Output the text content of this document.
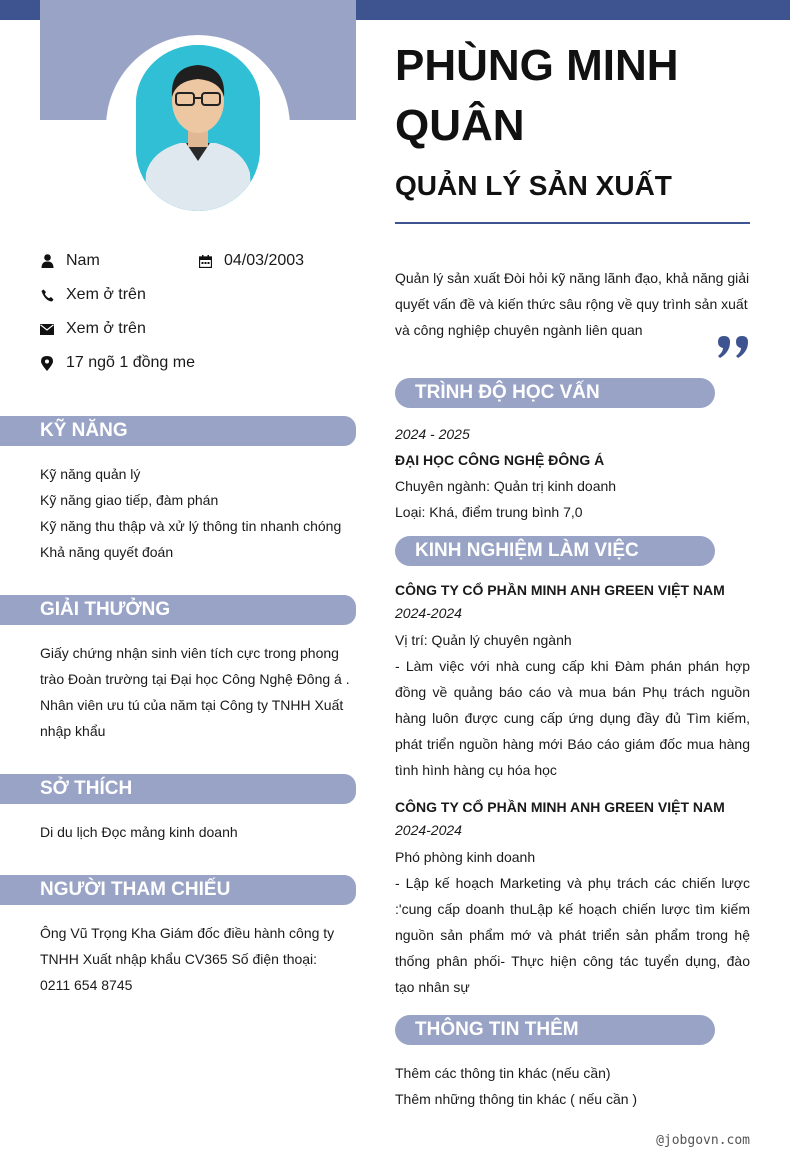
PHÙNG MINH QUÂN
QUẢN LÝ SẢN XUẤT
Nam	04/03/2003
Xem ở trên
Xem ở trên
17 ngõ 1 đồng me
KỸ NĂNG
Kỹ năng quản lý
Kỹ năng giao tiếp, đàm phán
Kỹ năng thu thập và xử lý thông tin nhanh chóng
Khả năng quyết đoán
GIẢI THƯỞNG
Giấy chứng nhận sinh viên tích cực trong phong trào Đoàn trường tại Đại học Công Nghệ Đông á . Nhân viên ưu tú của năm tại Công ty TNHH Xuất nhập khẩu
SỞ THÍCH
Di du lịch Đọc mảng kinh doanh
NGƯỜI THAM CHIẾU
Ông Vũ Trọng Kha Giám đốc điều hành công ty TNHH Xuất nhập khẩu CV365 Số điện thoại: 0211 654 8745
Quản lý sản xuất Đòi hỏi kỹ năng lãnh đạo, khả năng giải quyết vấn đề và kiến thức sâu rộng về quy trình sản xuất và công nghiệp chuyên ngành liên quan
TRÌNH ĐỘ HỌC VẤN
2024 - 2025
ĐẠI HỌC CÔNG NGHỆ ĐÔNG Á
Chuyên ngành: Quản trị kinh doanh
Loại: Khá, điểm trung bình 7,0
KINH NGHIỆM LÀM VIỆC
CÔNG TY CỔ PHẦN MINH ANH GREEN VIỆT NAM
2024-2024
Vị trí: Quản lý chuyên ngành
- Làm việc với nhà cung cấp khi Đàm phán phán hợp đồng về quảng báo cáo và mua bán Phụ trách nguồn hàng luôn được cung cấp ứng dụng đầy đủ Tìm kiếm, phát triển nguồn hàng mới Báo cáo giám đốc mua hàng tình hình hàng cụ hóa học
CÔNG TY CỔ PHẦN MINH ANH GREEN VIỆT NAM
2024-2024
Phó phòng kinh doanh
- Lập kế hoạch Marketing và phụ trách các chiến lược :'cung cấp doanh thuLập kế hoạch chiến lược tìm kiếm nguồn sản phẩm mớ và phát triển sản phẩm trong hệ thống phân phối- Thực hiện công tác tuyển dụng, đào tạo nhân sự
THÔNG TIN THÊM
Thêm các thông tin khác (nếu cần)
Thêm những thông tin khác ( nếu cần )
@jobgovn.com
